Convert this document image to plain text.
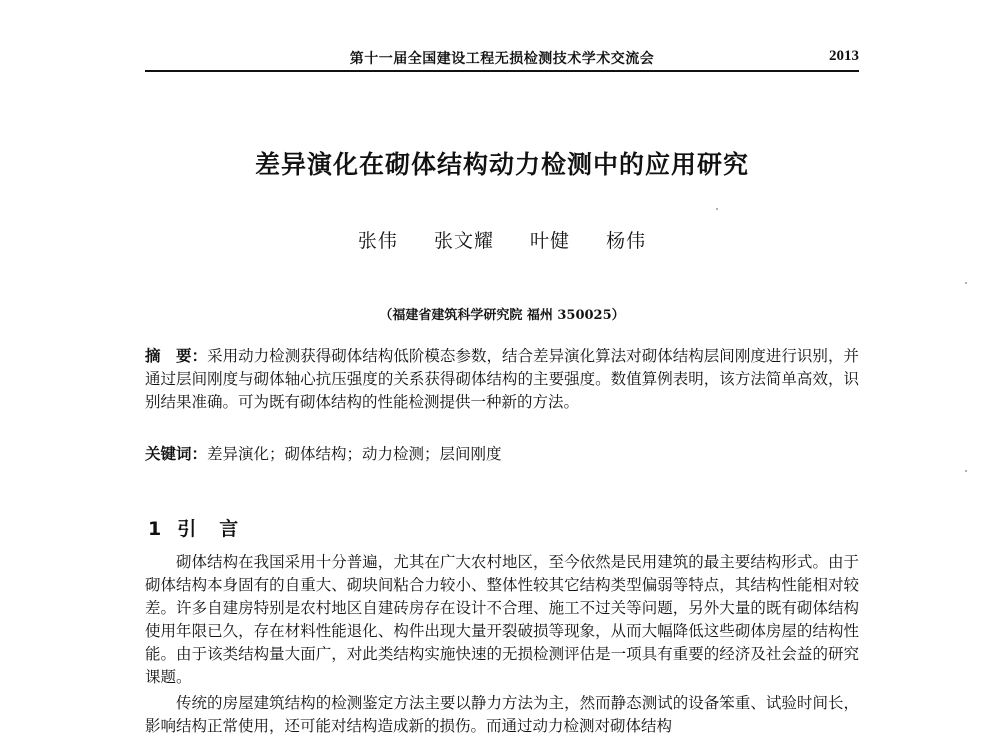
第十一届全国建设工程无损检测技术学术交流会	2013
差异演化在砌体结构动力检测中的应用研究
张伟 张文耀 叶健 杨伟
（福建省建筑科学研究院 福州 350025）
摘　要：采用动力检测获得砌体结构低阶模态参数，结合差异演化算法对砌体结构层间刚度进行识别，并通过层间刚度与砌体轴心抗压强度的关系获得砌体结构的主要强度。数值算例表明，该方法简单高效，识别结果准确。可为既有砌体结构的性能检测提供一种新的方法。
关键词：差异演化；砌体结构；动力检测；层间刚度
1 引　言

砌体结构在我国采用十分普遍，尤其在广大农村地区，至今依然是民用建筑的最主要结构形式。由于砌体结构本身固有的自重大、砌块间粘合力较小、整体性较其它结构类型偏弱等特点，其结构性能相对较差。许多自建房特别是农村地区自建砖房存在设计不合理、施工不过关等问题，另外大量的既有砌体结构使用年限已久，存在材料性能退化、构件出现大量开裂破损等现象，从而大幅降低这些砌体房屋的结构性能。由于该类结构量大面广，对此类结构实施快速的无损检测评估是一项具有重要的经济及社会益的研究课题。

传统的房屋建筑结构的检测鉴定方法主要以静力方法为主，然而静态测试的设备笨重、试验时间长，影响结构正常使用，还可能对结构造成新的损伤。而通过动力检测对砌体结构
